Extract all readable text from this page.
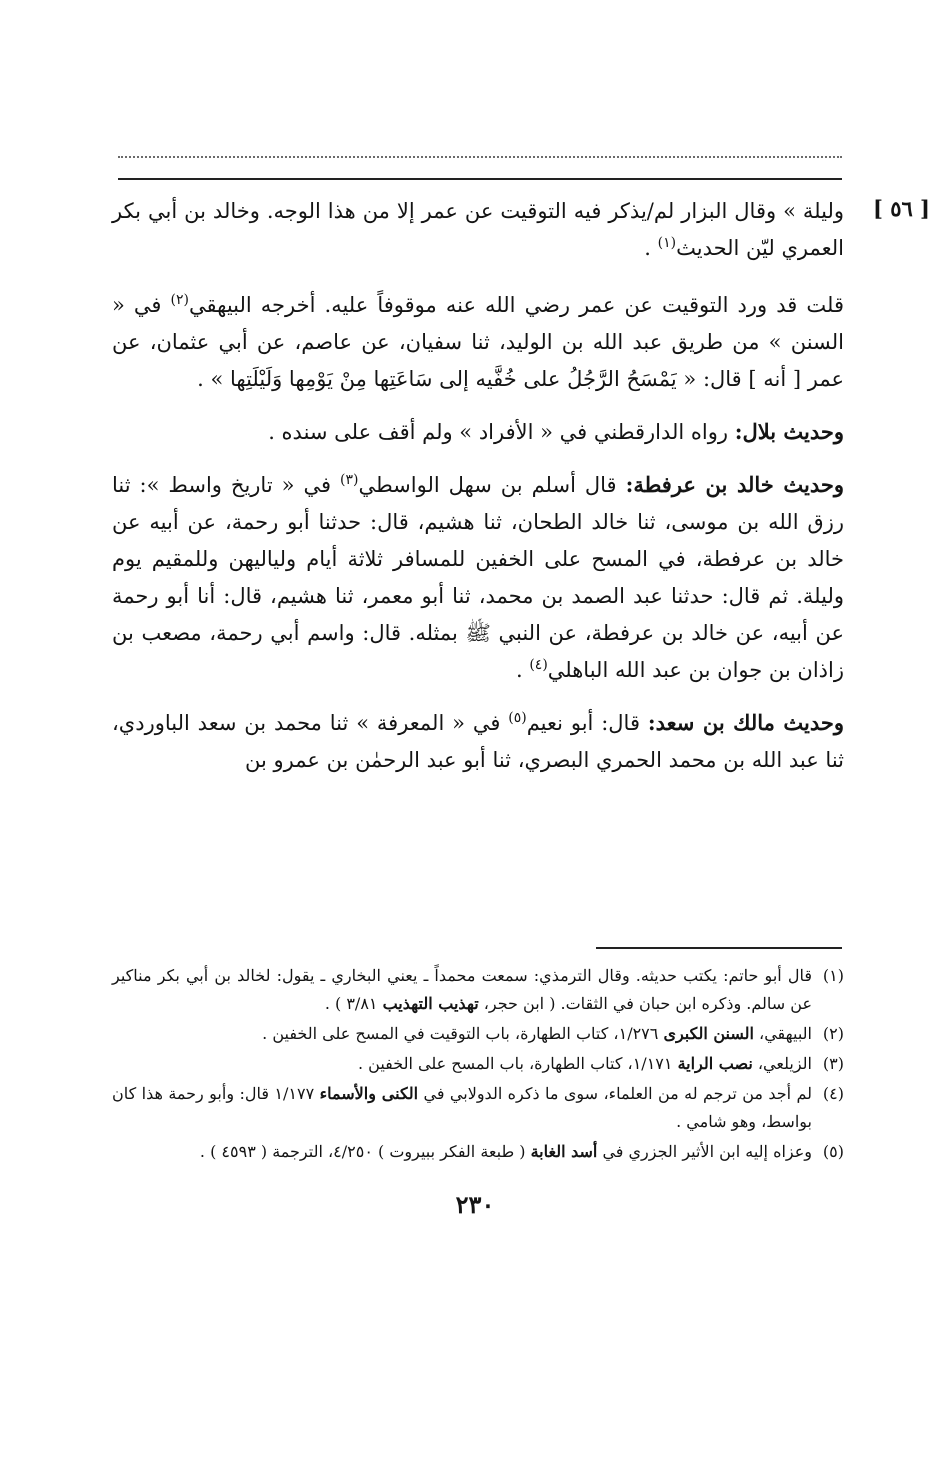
[ ٥٦ ]

وليلة » وقال البزار لم/يذكر فيه التوقيت عن عمر إلا من هذا الوجه. وخالد بن أبي بكر العمري ليّن الحديث$^{(١)}$ .

قلت قد ورد التوقيت عن عمر رضي الله عنه موقوفاً عليه. أخرجه البيهقي$^{(٢)}$ في « السنن » من طريق عبد الله بن الوليد، ثنا سفيان، عن عاصم، عن أبي عثمان، عن عمر [ أنه ] قال: « يَمْسَحُ الرَّجُلُ على خُفَّيه إلى سَاعَتِها مِنْ يَوْمِها وَلَيْلَتِها » .

وحديث بلال: رواه الدارقطني في « الأفراد » ولم أقف على سنده .

وحديث خالد بن عرفطة: قال أسلم بن سهل الواسطي$^{(٣)}$ في « تاريخ واسط »: ثنا رزق الله بن موسى، ثنا خالد الطحان، ثنا هشيم، قال: حدثنا أبو رحمة، عن أبيه عن خالد بن عرفطة، في المسح على الخفين للمسافر ثلاثة أيام ولياليهن وللمقيم يوم وليلة. ثم قال: حدثنا عبد الصمد بن محمد، ثنا أبو معمر، ثنا هشيم، قال: أنا أبو رحمة عن أبيه، عن خالد بن عرفطة، عن النبي ﷺ بمثله. قال: واسم أبي رحمة، مصعب بن زاذان بن جوان بن عبد الله الباهلي$^{(٤)}$ .

وحديث مالك بن سعد: قال: أبو نعيم$^{(٥)}$ في « المعرفة » ثنا محمد بن سعد الباوردي، ثنا عبد الله بن محمد الحمري البصري، ثنا أبو عبد الرحمٰن بن عمرو بن

(١)
قال أبو حاتم: يكتب حديثه. وقال الترمذي: سمعت محمداً ـ يعني البخاري ـ يقول: لخالد بن أبي بكر مناكير عن سالم. وذكره ابن حبان في الثقات. ( ابن حجر، تهذيب التهذيب ٣/٨١ ) .
(٢)
البيهقي، السنن الكبرى ١/٢٧٦، كتاب الطهارة، باب التوقيت في المسح على الخفين .
(٣)
الزيلعي، نصب الراية ١/١٧١، كتاب الطهارة، باب المسح على الخفين .
(٤)
لم أجد من ترجم له من العلماء، سوى ما ذكره الدولابي في الكنى والأسماء ١/١٧٧ قال: وأبو رحمة هذا كان بواسط، وهو شامي .
(٥)
وعزاه إليه ابن الأثير الجزري في أسد الغابة ( طبعة الفكر ببيروت ) ٤/٢٥٠، الترجمة ( ٤٥٩٣ ) .
٢٣٠
